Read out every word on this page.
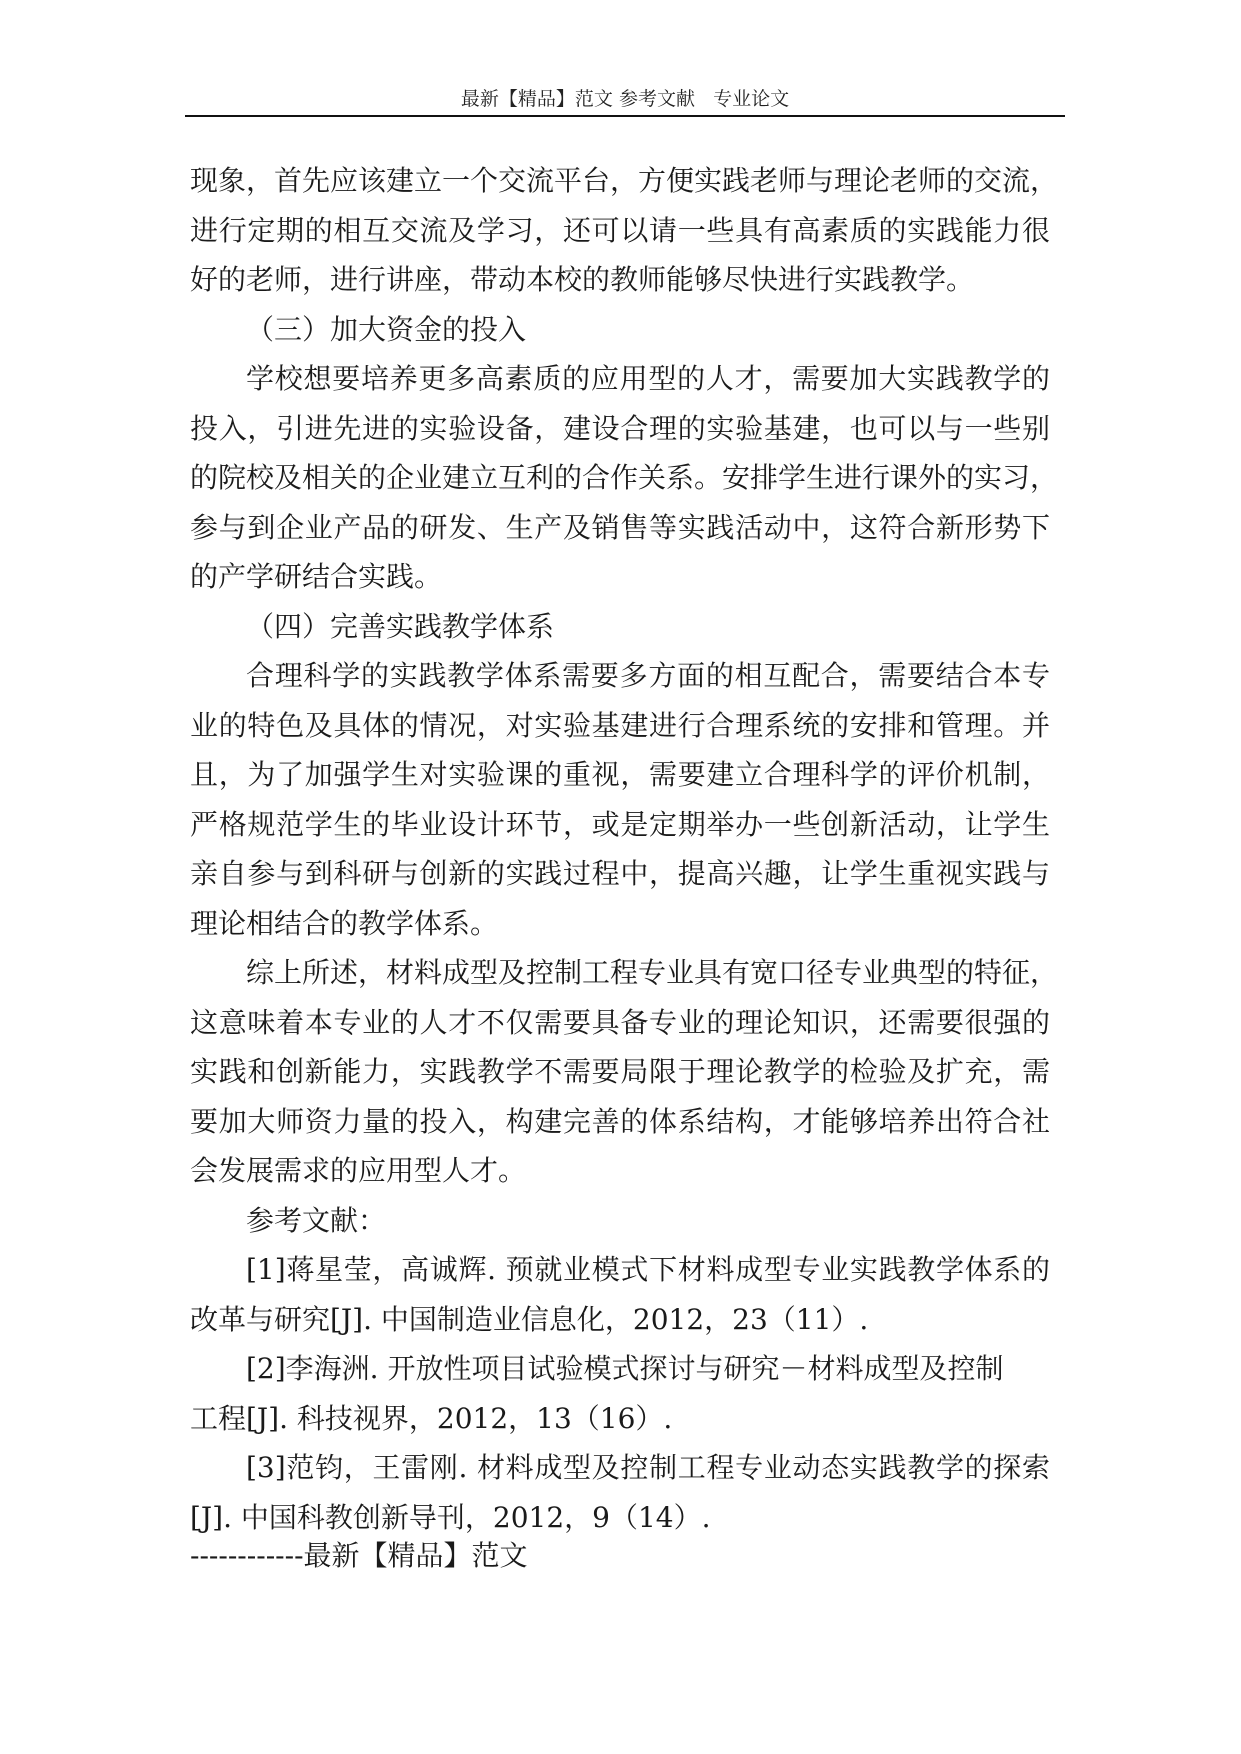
最新【精品】范文 参考文献   专业论文
现象，首先应该建立一个交流平台，方便实践老师与理论老师的交流，
进行定期的相互交流及学习，还可以请一些具有高素质的实践能力很
好的老师，进行讲座，带动本校的教师能够尽快进行实践教学。
（三）加大资金的投入
学校想要培养更多高素质的应用型的人才，需要加大实践教学的
投入，引进先进的实验设备，建设合理的实验基建，也可以与一些别
的院校及相关的企业建立互利的合作关系。安排学生进行课外的实习，
参与到企业产品的研发、生产及销售等实践活动中，这符合新形势下
的产学研结合实践。
（四）完善实践教学体系
合理科学的实践教学体系需要多方面的相互配合，需要结合本专
业的特色及具体的情况，对实验基建进行合理系统的安排和管理。并
且，为了加强学生对实验课的重视，需要建立合理科学的评价机制，
严格规范学生的毕业设计环节，或是定期举办一些创新活动，让学生
亲自参与到科研与创新的实践过程中，提高兴趣，让学生重视实践与
理论相结合的教学体系。
综上所述，材料成型及控制工程专业具有宽口径专业典型的特征，
这意味着本专业的人才不仅需要具备专业的理论知识，还需要很强的
实践和创新能力，实践教学不需要局限于理论教学的检验及扩充，需
要加大师资力量的投入，构建完善的体系结构，才能够培养出符合社
会发展需求的应用型人才。
参考文献：
[1]蒋星莹，高诚辉. 预就业模式下材料成型专业实践教学体系的
改革与研究[J]. 中国制造业信息化，2012，23（11）.
[2]李海洲. 开放性项目试验模式探讨与研究－材料成型及控制
工程[J]. 科技视界，2012，13（16）.
[3]范钧，王雷刚. 材料成型及控制工程专业动态实践教学的探索
[J]. 中国科教创新导刊，2012，9（14）.
------------最新【精品】范文
